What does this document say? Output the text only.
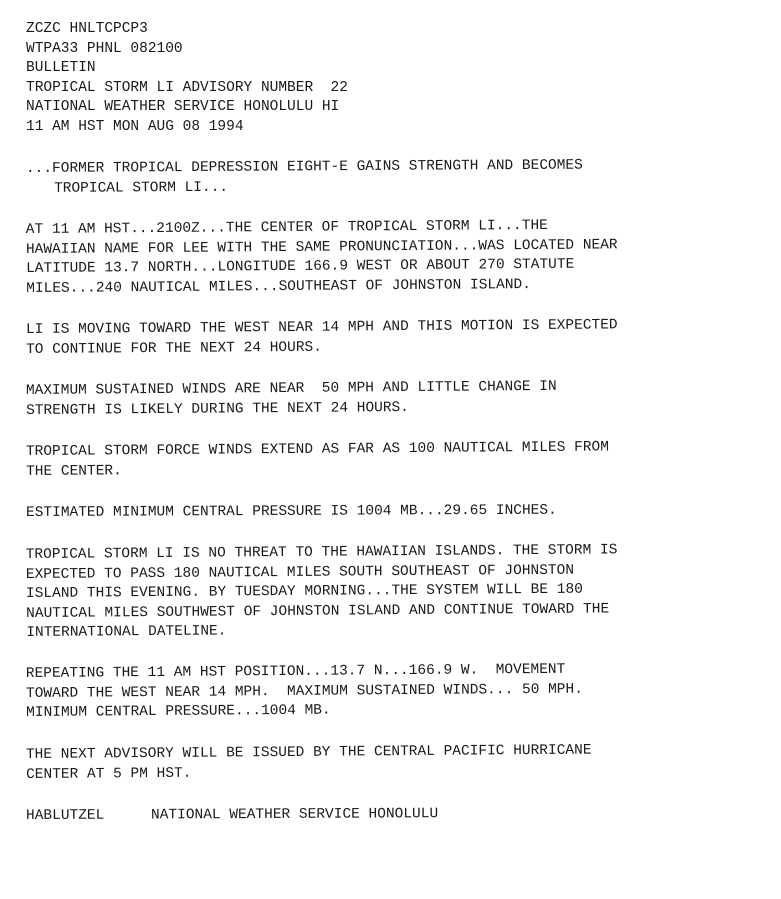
ZCZC HNLTCPCP3
WTPA33 PHNL 082100
BULLETIN
TROPICAL STORM LI ADVISORY NUMBER  22
NATIONAL WEATHER SERVICE HONOLULU HI
11 AM HST MON AUG 08 1994
...FORMER TROPICAL DEPRESSION EIGHT-E GAINS STRENGTH AND BECOMES
TROPICAL STORM LI...
AT 11 AM HST...2100Z...THE CENTER OF TROPICAL STORM LI...THE
HAWAIIAN NAME FOR LEE WITH THE SAME PRONUNCIATION...WAS LOCATED NEAR
LATITUDE 13.7 NORTH...LONGITUDE 166.9 WEST OR ABOUT 270 STATUTE
MILES...240 NAUTICAL MILES...SOUTHEAST OF JOHNSTON ISLAND.
LI IS MOVING TOWARD THE WEST NEAR 14 MPH AND THIS MOTION IS EXPECTED
TO CONTINUE FOR THE NEXT 24 HOURS.
MAXIMUM SUSTAINED WINDS ARE NEAR  50 MPH AND LITTLE CHANGE IN
STRENGTH IS LIKELY DURING THE NEXT 24 HOURS.
TROPICAL STORM FORCE WINDS EXTEND AS FAR AS 100 NAUTICAL MILES FROM
THE CENTER.
ESTIMATED MINIMUM CENTRAL PRESSURE IS 1004 MB...29.65 INCHES.
TROPICAL STORM LI IS NO THREAT TO THE HAWAIIAN ISLANDS. THE STORM IS
EXPECTED TO PASS 180 NAUTICAL MILES SOUTH SOUTHEAST OF JOHNSTON
ISLAND THIS EVENING. BY TUESDAY MORNING...THE SYSTEM WILL BE 180
NAUTICAL MILES SOUTHWEST OF JOHNSTON ISLAND AND CONTINUE TOWARD THE
INTERNATIONAL DATELINE.
REPEATING THE 11 AM HST POSITION...13.7 N...166.9 W.  MOVEMENT
TOWARD THE WEST NEAR 14 MPH.  MAXIMUM SUSTAINED WINDS... 50 MPH.
MINIMUM CENTRAL PRESSURE...1004 MB.
THE NEXT ADVISORY WILL BE ISSUED BY THE CENTRAL PACIFIC HURRICANE
CENTER AT 5 PM HST.
HABLUTZEL	NATIONAL WEATHER SERVICE HONOLULU
